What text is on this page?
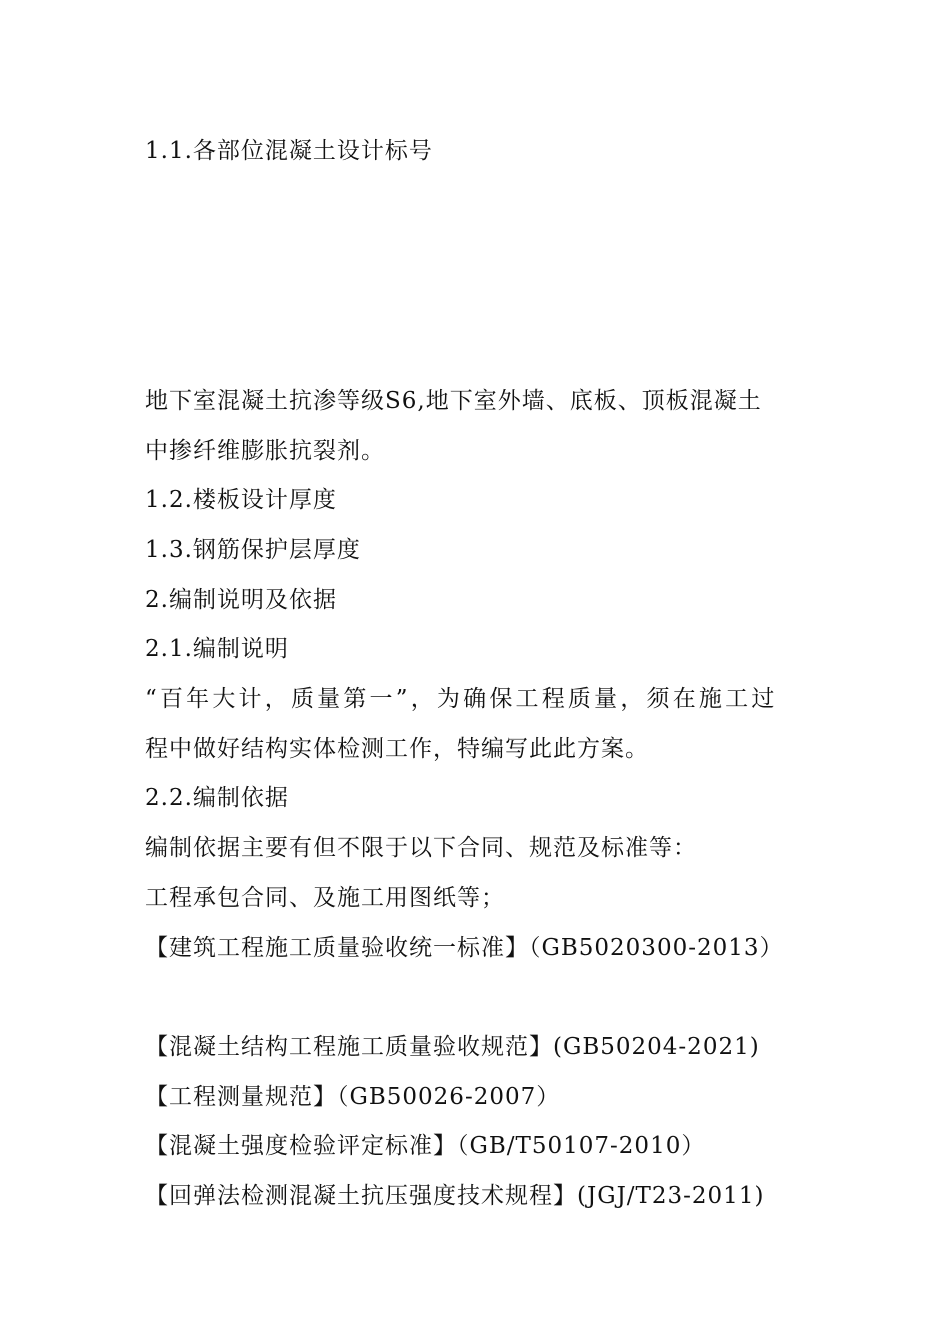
1.1.各部位混凝土设计标号
地下室混凝土抗渗等级S6,地下室外墙、底板、顶板混凝土
中掺纤维膨胀抗裂剂。
1.2.楼板设计厚度
1.3.钢筋保护层厚度
2.编制说明及依据
2.1.编制说明
“百年大计，质量第一”，为确保工程质量，须在施工过
程中做好结构实体检测工作，特编写此此方案。
2.2.编制依据
编制依据主要有但不限于以下合同、规范及标准等：
工程承包合同、及施工用图纸等；
【建筑工程施工质量验收统一标准】（GB5020300-2013）
【混凝土结构工程施工质量验收规范】(GB50204-2021)
【工程测量规范】（GB50026-2007）
【混凝土强度检验评定标准】（GB/T50107-2010）
【回弹法检测混凝土抗压强度技术规程】(JGJ/T23-2011)
